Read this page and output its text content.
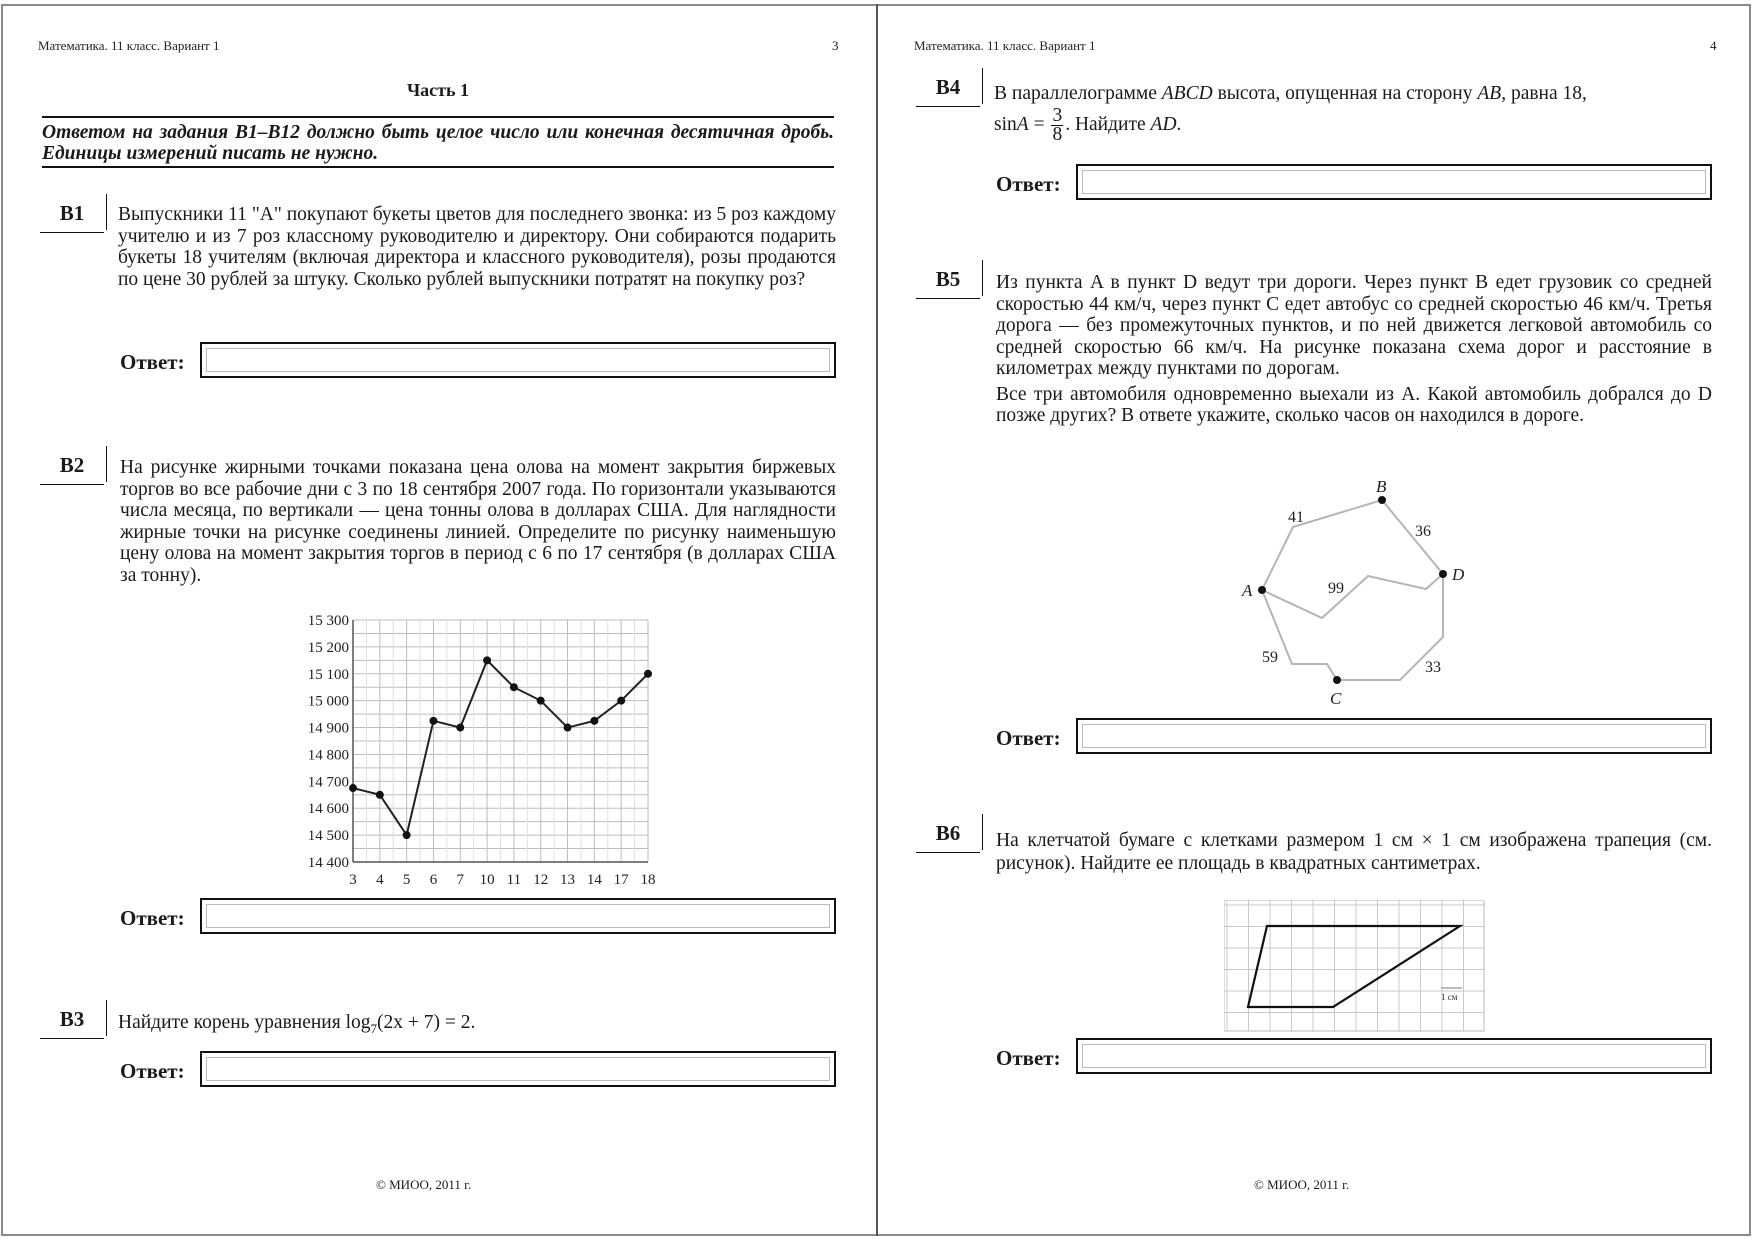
Математика. 11 класс. Вариант 1	3
Часть 1
Ответом на задания B1–B12 должно быть целое число или конечная десятичная дробь. Единицы измерений писать не нужно.
B1	Выпускники 11 "А" покупают букеты цветов для последнего звонка: из 5 роз каждому учителю и из 7 роз классному руководителю и директору. Они собираются подарить букеты 18 учителям (включая директора и классного руководителя), розы продаются по цене 30 рублей за штуку. Сколько рублей выпускники потратят на покупку роз?
Ответ:
B2	На рисунке жирными точками показана цена олова на момент закрытия биржевых торгов во все рабочие дни с 3 по 18 сентября 2007 года. По горизонтали указываются числа месяца, по вертикали — цена тонны олова в долларах США. Для наглядности жирные точки на рисунке соединены линией. Определите по рисунку наименьшую цену олова на момент закрытия торгов в период с 6 по 17 сентября (в долларах США за тонну).
14 400
14 500
14 600
14 700
14 800
14 900
15 000
15 100
15 200
15 300
3 4 5 6 7 10 11 12 13 14 17 18
Ответ:
B3	Найдите корень уравнения $\log_7(2x + 7) = 2$.
Ответ:
© МИОО, 2011 г.
Математика. 11 класс. Вариант 1	4
B4	В параллелограмме ABCD высота, опущенная на сторону AB, равна 18,
$\sin A = \frac{3}{8}$ . Найдите AD.
Ответ:
B5	Из пункта A в пункт D ведут три дороги. Через пункт B едет грузовик со средней скоростью 44 км/ч, через пункт C едет автобус со средней скоростью 46 км/ч. Третья дорога — без промежуточных пунктов, и по ней движется легковой автомобиль со средней скоростью 66 км/ч. На рисунке показана схема дорог и расстояние в километрах между пунктами по дорогам.

Все три автомобиля одновременно выехали из A. Какой автомобиль добрался до D позже других? В ответе укажите, сколько часов он находился в дороге.

A
B
C
D
41
36
99
59
33
Ответ:
B6	На клетчатой бумаге с клетками размером 1 см × 1 см изображена трапеция (см. рисунок). Найдите ее площадь в квадратных сантиметрах.
1 см
Ответ:
© МИОО, 2011 г.
